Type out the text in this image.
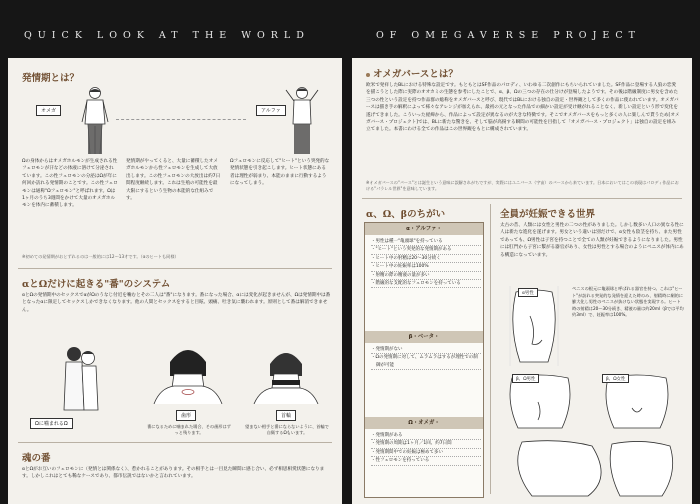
QUICK LOOK AT THE WORLD	OF OMEGAVERSE PROJECT
発情期とは？
オメガ	アルファ
Ωの身体からはオメガホルモンが生成される性フェロモンが汗などの体液に溶けて分泌されています。この性フェロモンの分泌はΩが年に何回か訪れる発情期のことです。この性フェロモンは通称"Ωフェロモン"と呼ばれます。Ωは1ヶ月のうち3週間をかけて大量のオメガホルモンを体内に蓄積します。
発情期がやってくると、大量に蓄積したオメガホルモンから性フェロモンを生成して大放出します。この性フェロモンの大放出は約7日間程度継続します。これは生殖の可能性を最大限にするという生物の本能的な仕組みです。
Ωフェロモンに反応して"ヒート"という突発的な発情状態を引き起こします。ヒート状態にある者は理性が弱まり、本能のままに行動するようになってしまう。
※初めての発情期がおとずれるのは一般的には12～13才です。（αのヒートも同様）
αとΩだけに起きる"番"のシステム
αとΩの発情期中のセックスでαがΩのうなじ付近を噛むとその二人は"番"になります。番になった場合、αには変化が起きませんが、Ωは発情期中は番となったαに限定してセックスしかできなくなります。他の人間とセックスをすると目眩、頭痛、吐き気に襲われます。原則として番は解消できません。
Ωに噛まれるΩ
歯形
番になるために噛まれた場合、その歯形はずっと残ります。
首輪
望まない相手と番にならないように、首輪で自衛するΩもいます。
魂の番
αとΩがお互いのフェロモンに（発情とは関係なく）、惹かれることがあります。その相手とは一目見た瞬間に感じ合い、必ず相思相愛状態になります。しかしこれはとても稀なケースであり、都市伝説ではないかと言われています。
オメガバースとは？
欧米で発祥したBLにおける特殊な設定です。もともとはSF作品のパロディ、いわゆる二次創作にもちいられていました。SF作品に登場する人狼の恋愛を描こうとした際に実際のオオカミの生態を参考にしたことで、α、β、Ωの三つの存在の仕分けが登場したようです。その後は階級制度に男女を含めた三つの性という設定を持つ作品群の総称をオメガバースと呼び、現代ではBLにおける独自の設定・世界観として多くの作品に使われています。オメガバースは描き手の解釈によって様々なアレンジが加えられ、最初の元となった作品での細かい設定が受け継がれることなく、新しい設定という形で変化を遂げてきました。こういった経緯から、作品によって設定が異なるのが大きな特徴です。そこでオメガバースをもっと多くの人に楽しんで貰うため[オメガバース・プロジェクト]では、BLに新たな驚きを、そして脳が高揚する瞬間の可能性を目指して「オメガバース・プロジェクト」は独自の設定を組み立てました。本書にわける全ての作品はこの世界観をもとに構成されています。
※オメガバースの"バース"とは誕生という意味に誤解されがちですが、実際にはユニバース（宇宙）のバースから来ています。日本においてはこの表現はパロディ作品における"パラレル世界"を意味しています。
α、Ω、βのちがい
α・アルファ・
・男性は種一"亀頭球"を持っている
・"ヒート"という突発的な発情期がある
・ヒート中の射精は20～30分続く
・ヒート中の妊娠率は100%
・射精の際の精液の量が多い
・階級的な支配的なフェロモンを持っている
β・ベータ・
・発情期がない
・Ωの発情期に対して、ムラムラはするが理性での制御が可能
Ω・オメガ・
・発情期がある
・発情期の周期は1ヶ月／1回、約7日間
・発情期間中での妊娠は極めて多い
・性フェロモンを持っている
全員が妊娠できる世界
太古の昔、人類には女性と男性の二つの性がありました。しかし数多い人口の異なる性に人は新たな進化を遂げます。男女という違いは別だけで、α女性も陰茎を持ち、また男性であっても、Ω男性は子宮を持つことで全ての人類が妊娠できるようになりました。男性には肛門から子宮に繋がる器官があり、女性は男性とする場合のようにペニスが体内にある構造になっています。
α男性
ペニスの根元に亀頭球と呼ばれる器官を持つ。これは"ヒート"が訪れる突発的な発情を迎えた時のみ、射精時に劇的に膨大化し男性のペニスが抜けない状態を実現する。ヒート時の射精は20～30分続き、精液の量は約20ml（βでは平均約3ml）で、妊娠率は100%。
β、Ω男性	β、Ω女性
